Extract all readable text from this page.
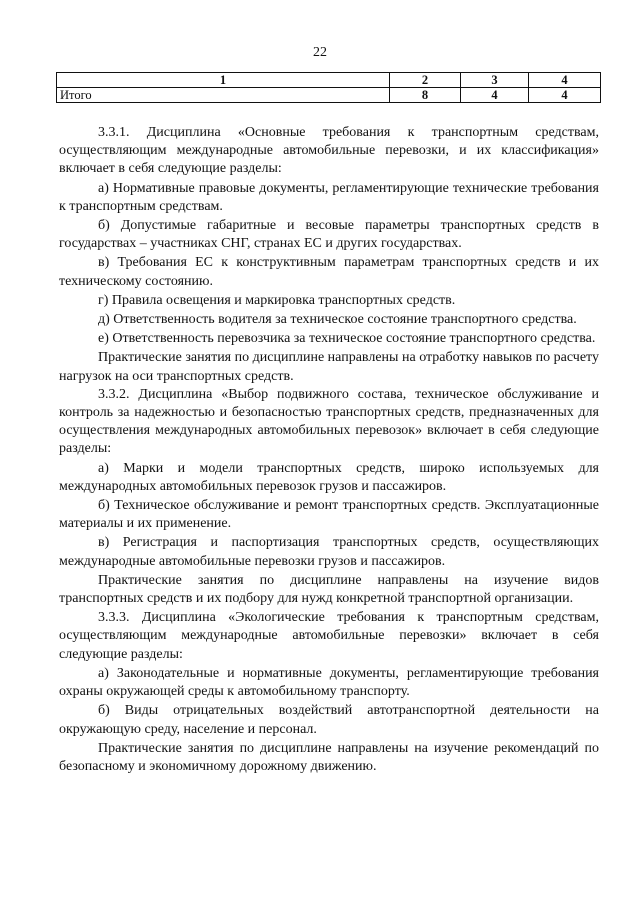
22
1	2	3	4
Итого	8	4	4

3.3.1. Дисциплина «Основные требования к транспортным средствам, осуществляющим международные автомобильные перевозки, и их классификация» включает в себя следующие разделы:

а) Нормативные правовые документы, регламентирующие технические требования к транспортным средствам.

б) Допустимые габаритные и весовые параметры транспортных средств в государствах – участниках СНГ, странах ЕС и других государствах.

в) Требования ЕС к конструктивным параметрам транспортных средств и их техническому состоянию.

г) Правила освещения и маркировка транспортных средств.

д) Ответственность водителя за техническое состояние транспортного средства.

е) Ответственность перевозчика за техническое состояние транспортного средства.

Практические занятия по дисциплине направлены на отработку навыков по расчету нагрузок на оси транспортных средств.

3.3.2. Дисциплина «Выбор подвижного состава, техническое обслуживание и контроль за надежностью и безопасностью транспортных средств, предназначенных для осуществления международных автомобильных перевозок» включает в себя следующие разделы:

а) Марки и модели транспортных средств, широко используемых для международных автомобильных перевозок грузов и пассажиров.

б) Техническое обслуживание и ремонт транспортных средств. Эксплуатационные материалы и их применение.

в) Регистрация и паспортизация транспортных средств, осуществляющих международные автомобильные перевозки грузов и пассажиров.

Практические занятия по дисциплине направлены на изучение видов транспортных средств и их подбору для нужд конкретной транспортной организации.

3.3.3. Дисциплина «Экологические требования к транспортным средствам, осуществляющим международные автомобильные перевозки» включает в себя следующие разделы:

а) Законодательные и нормативные документы, регламентирующие требования охраны окружающей среды к автомобильному транспорту.

б) Виды отрицательных воздействий автотранспортной деятельности на окружающую среду, население и персонал.

Практические занятия по дисциплине направлены на изучение рекомендаций по безопасному и экономичному дорожному движению.
